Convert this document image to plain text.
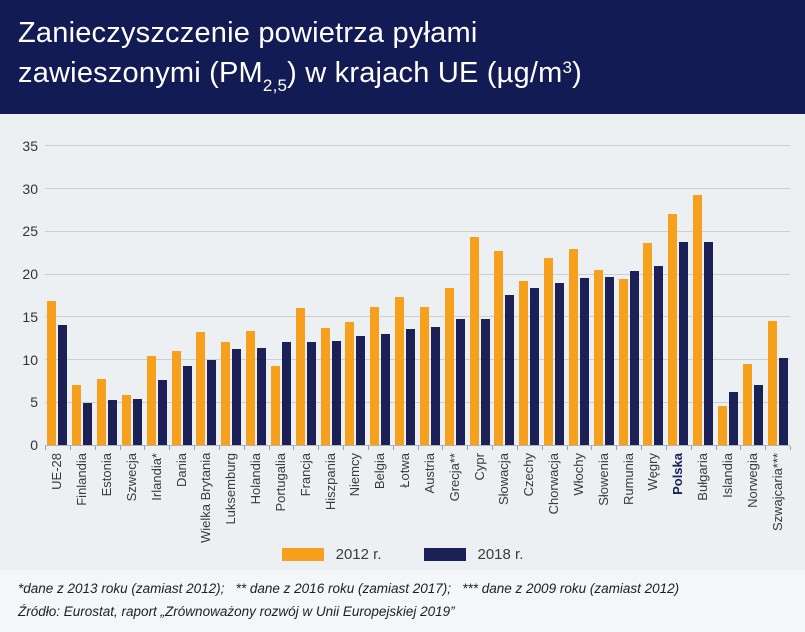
Zanieczyszczenie powietrza pyłami
zawieszonymi $(PM_{2,5})$ w krajach UE $(\mu g/m^3)$
0
5
10
15
20
25
30
35
UE-28 Finlandia Estonia Szwecja Irlandia* Dania Wielka Brytania Luksemburg Holandia Portugalia Francja Hiszpania Niemcy Belgia Łotwa Austria Grecja** Cypr Słowacja Czechy Chorwacja Włochy Słowenia Rumunia Węgry Polska Bułgaria Islandia Norwegia Szwajcaria***
2012 r.	2018 r.
*dane z 2013 roku (zamiast 2012);   ** dane z 2016 roku (zamiast 2017);   *** dane z 2009 roku (zamiast 2012)
Źródło: Eurostat, raport „Zrównoważony rozwój w Unii Europejskiej 2019”
